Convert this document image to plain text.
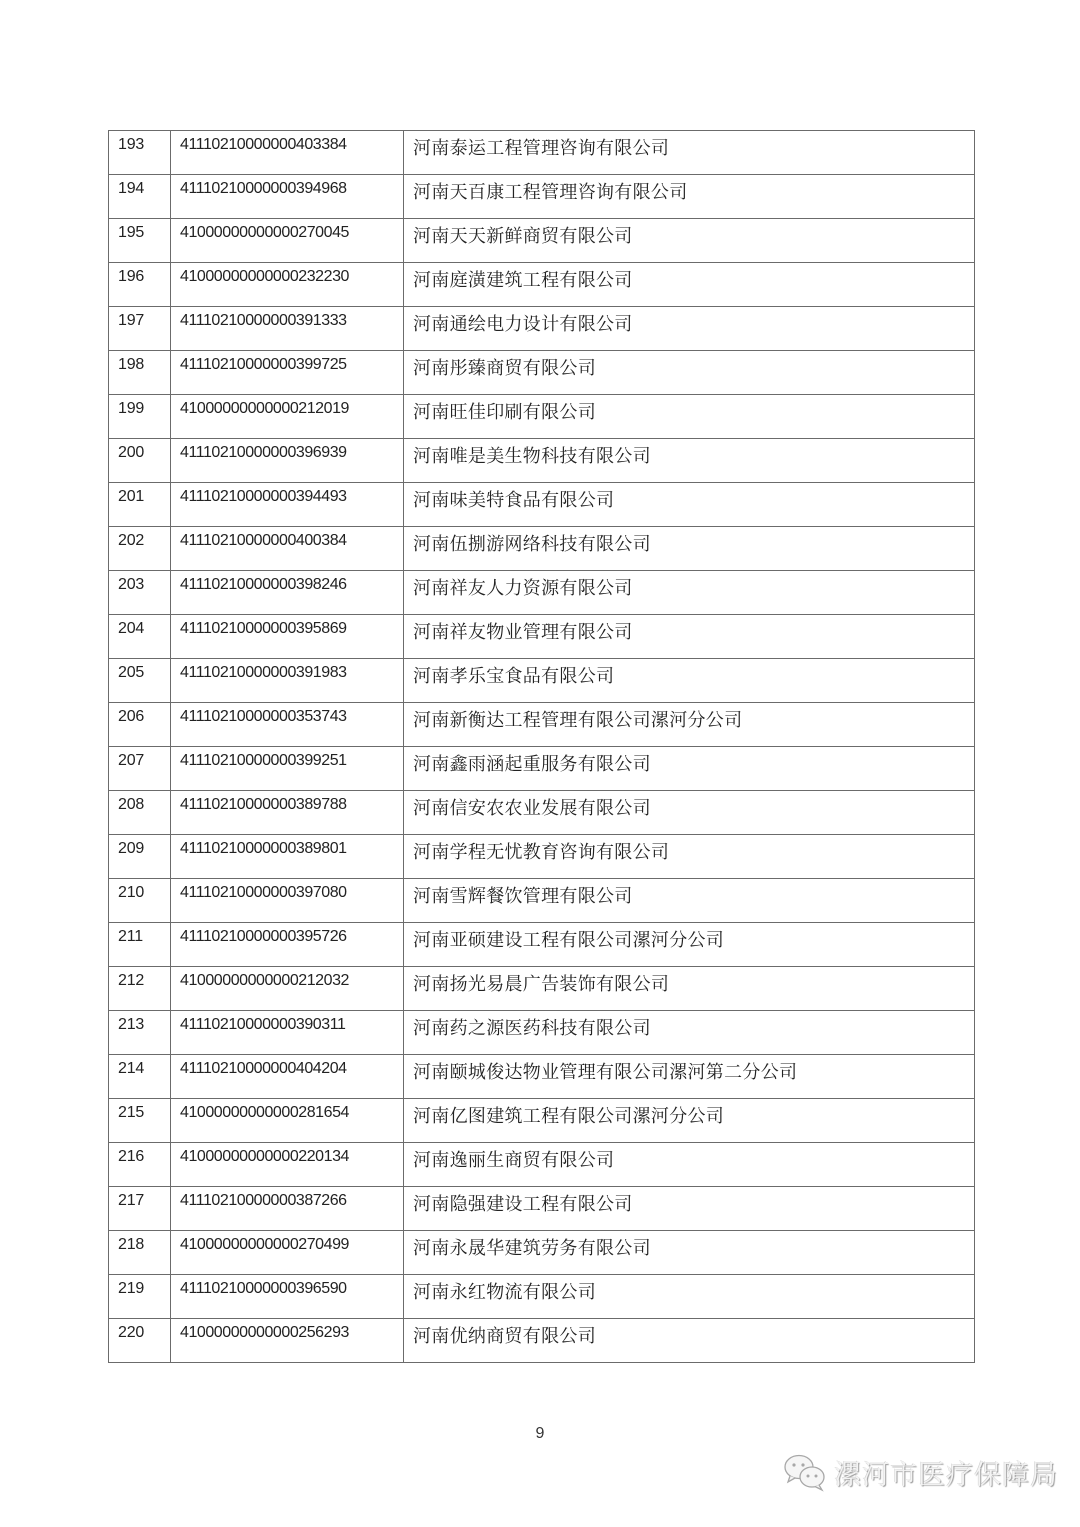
193	41110210000000403384	河南泰运工程管理咨询有限公司
194	41110210000000394968	河南天百康工程管理咨询有限公司
195	41000000000000270045	河南天天新鲜商贸有限公司
196	41000000000000232230	河南庭潢建筑工程有限公司
197	41110210000000391333	河南通绘电力设计有限公司
198	41110210000000399725	河南彤臻商贸有限公司
199	41000000000000212019	河南旺佳印刷有限公司
200	41110210000000396939	河南唯是美生物科技有限公司
201	41110210000000394493	河南味美特食品有限公司
202	41110210000000400384	河南伍捌游网络科技有限公司
203	41110210000000398246	河南祥友人力资源有限公司
204	41110210000000395869	河南祥友物业管理有限公司
205	41110210000000391983	河南孝乐宝食品有限公司
206	41110210000000353743	河南新衡达工程管理有限公司漯河分公司
207	41110210000000399251	河南鑫雨涵起重服务有限公司
208	41110210000000389788	河南信安农农业发展有限公司
209	41110210000000389801	河南学程无忧教育咨询有限公司
210	41110210000000397080	河南雪辉餐饮管理有限公司
211	41110210000000395726	河南亚硕建设工程有限公司漯河分公司
212	41000000000000212032	河南扬光易晨广告装饰有限公司
213	41110210000000390311	河南药之源医药科技有限公司
214	41110210000000404204	河南颐城俊达物业管理有限公司漯河第二分公司
215	41000000000000281654	河南亿图建筑工程有限公司漯河分公司
216	41000000000000220134	河南逸丽生商贸有限公司
217	41110210000000387266	河南隐强建设工程有限公司
218	41000000000000270499	河南永晟华建筑劳务有限公司
219	41110210000000396590	河南永红物流有限公司
220	41000000000000256293	河南优纳商贸有限公司
9
漯河市医疗保障局
